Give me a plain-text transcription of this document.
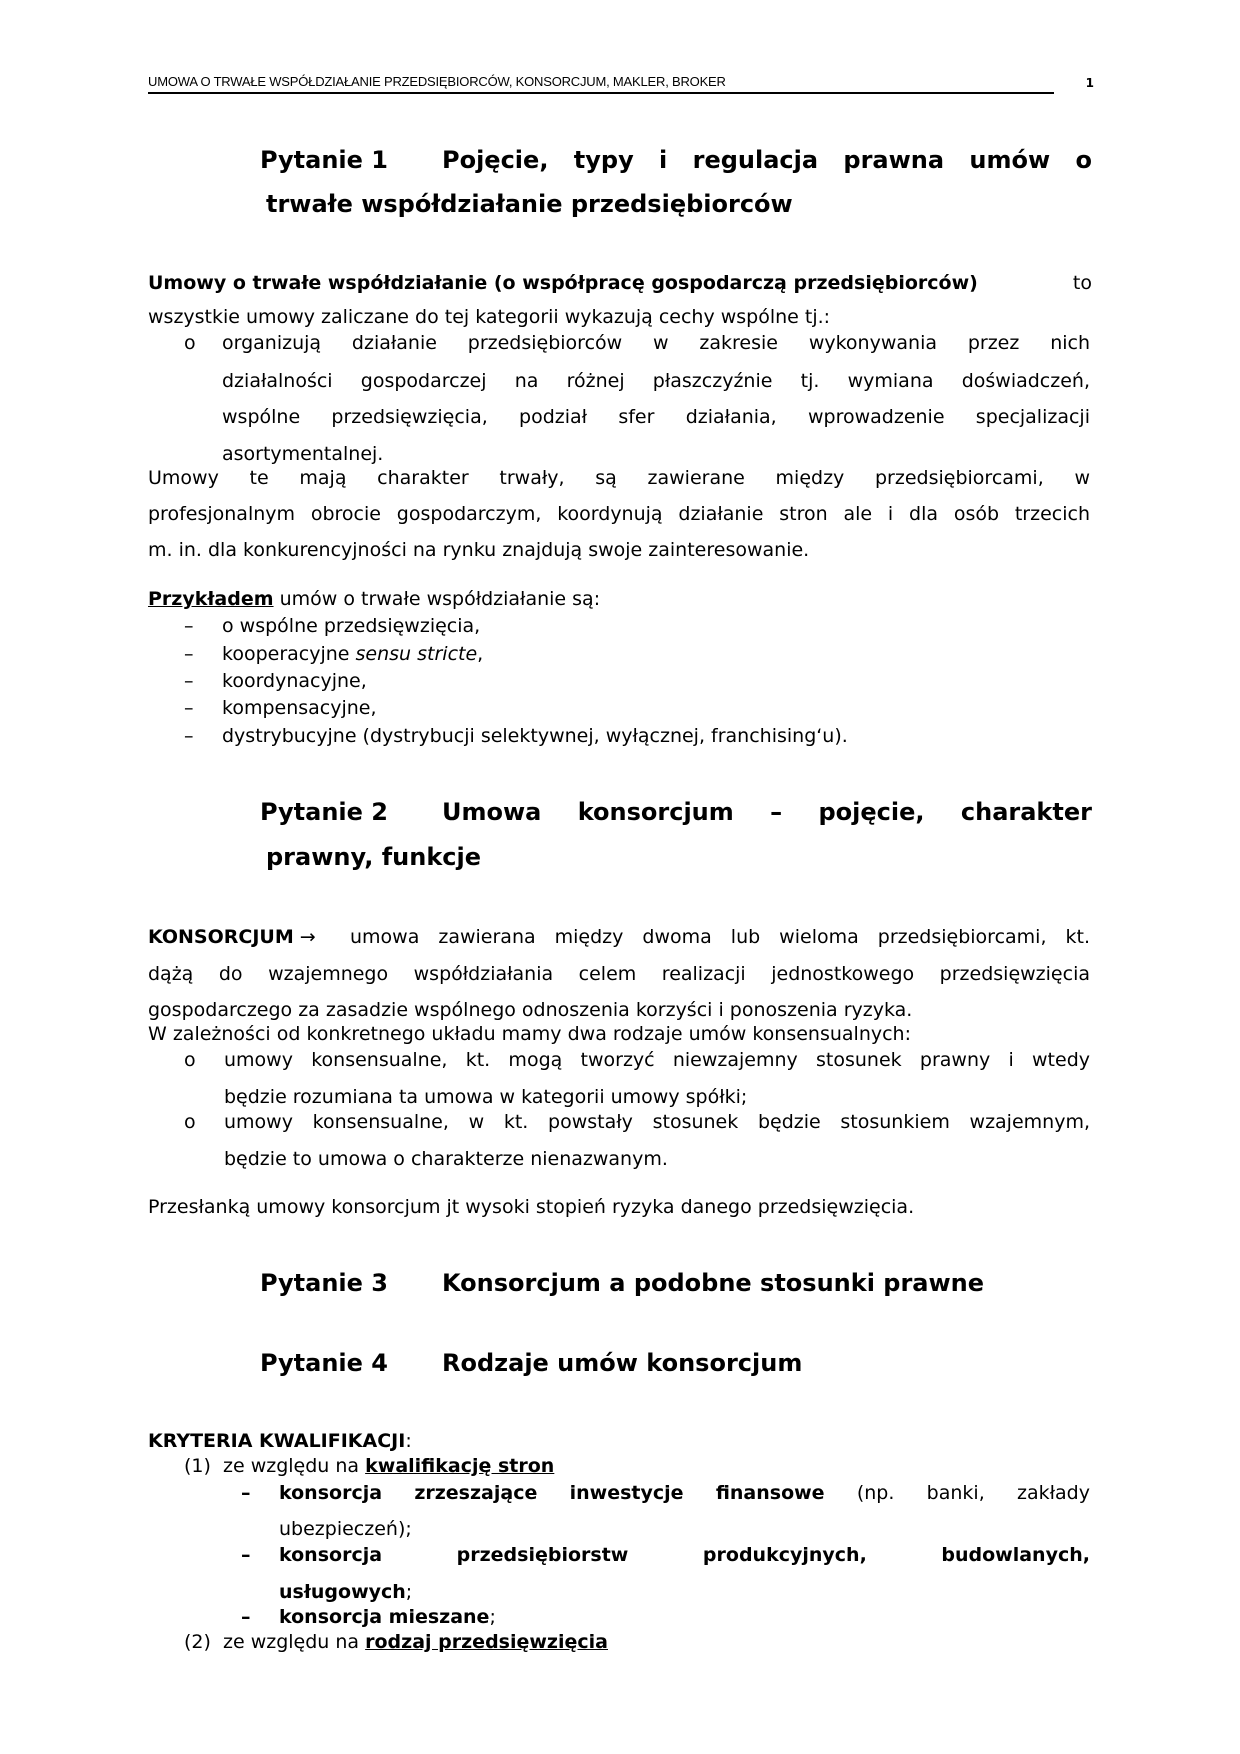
UMOWA O TRWAŁE WSPÓŁDZIAŁANIE PRZEDSIĘBIORCÓW, KONSORCJUM, MAKLER, BROKER	1
Pytanie 1 Pojęcie, typy i regulacja prawna umów o
trwałe współdziałanie przedsiębiorców
Umowy o trwałe współdziałanie (o współpracę gospodarczą przedsiębiorców)	to
wszystkie umowy zaliczane do tej kategorii wykazują cechy wspólne tj.:
o organizują działanie przedsiębiorców w zakresie wykonywania przez nich
działalności gospodarczej na różnej płaszczyźnie tj. wymiana doświadczeń,
wspólne przedsięwzięcia, podział sfer działania, wprowadzenie specjalizacji
asortymentalnej.
Umowy te mają charakter trwały, są zawierane między przedsiębiorcami, w
profesjonalnym obrocie gospodarczym, koordynują działanie stron ale i dla osób trzecich
m. in. dla konkurencyjności na rynku znajdują swoje zainteresowanie.
Przykładem umów o trwałe współdziałanie są:
– o wspólne przedsięwzięcia,
– kooperacyjne sensu stricte,
– koordynacyjne,
– kompensacyjne,
– dystrybucyjne (dystrybucji selektywnej, wyłącznej, franchising‘u).
Pytanie 2 Umowa konsorcjum – pojęcie, charakter
prawny, funkcje
KONSORCJUM → umowa zawierana między dwoma lub wieloma przedsiębiorcami, kt.
dążą do wzajemnego współdziałania celem realizacji jednostkowego przedsięwzięcia
gospodarczego za zasadzie wspólnego odnoszenia korzyści i ponoszenia ryzyka.
W zależności od konkretnego układu mamy dwa rodzaje umów konsensualnych:
o umowy konsensualne, kt. mogą tworzyć niewzajemny stosunek prawny i wtedy
będzie rozumiana ta umowa w kategorii umowy spółki;
o umowy konsensualne, w kt. powstały stosunek będzie stosunkiem wzajemnym,
będzie to umowa o charakterze nienazwanym.
Przesłanką umowy konsorcjum jt wysoki stopień ryzyka danego przedsięwzięcia.
Pytanie 3 Konsorcjum a podobne stosunki prawne
Pytanie 4 Rodzaje umów konsorcjum
KRYTERIA KWALIFIKACJI:
(1) ze względu na kwalifikację stron
– konsorcja zrzeszające inwestycje finansowe (np. banki, zakłady
ubezpieczeń);
– konsorcja	przedsiębiorstw	produkcyjnych,	budowlanych,
usługowych;
– konsorcja mieszane;
(2) ze względu na rodzaj przedsięwzięcia
